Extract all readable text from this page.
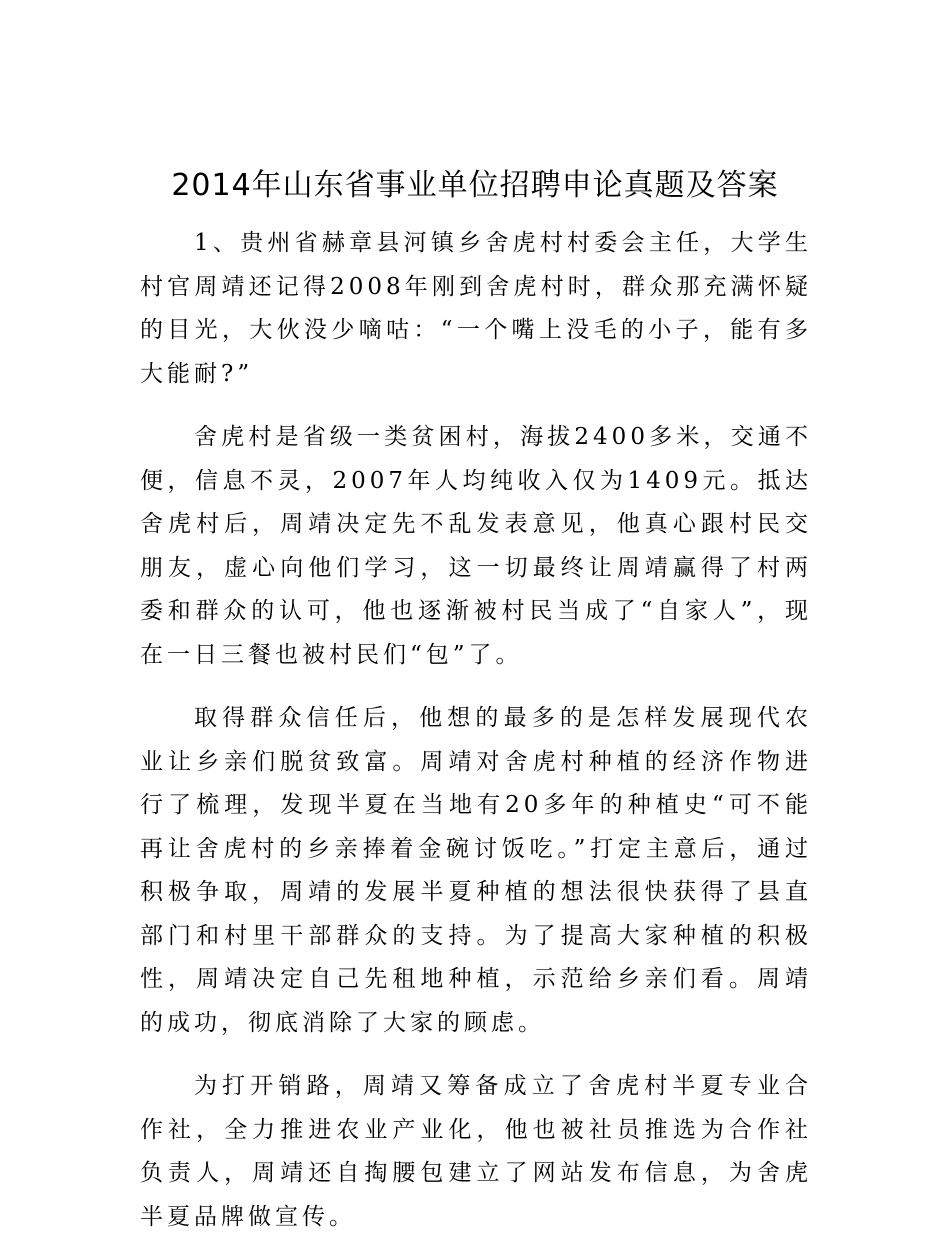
2014年山东省事业单位招聘申论真题及答案

1、贵州省赫章县河镇乡舍虎村村委会主任，大学生村官周靖还记得2008年刚到舍虎村时，群众那充满怀疑的目光，大伙没少嘀咕：“一个嘴上没毛的小子，能有多大能耐?”

舍虎村是省级一类贫困村，海拔2400多米，交通不便，信息不灵，2007年人均纯收入仅为1409元。抵达舍虎村后，周靖决定先不乱发表意见，他真心跟村民交朋友，虚心向他们学习，这一切最终让周靖赢得了村两委和群众的认可，他也逐渐被村民当成了“自家人”，现在一日三餐也被村民们“包”了。

取得群众信任后，他想的最多的是怎样发展现代农业让乡亲们脱贫致富。周靖对舍虎村种植的经济作物进行了梳理，发现半夏在当地有20多年的种植史“可不能再让舍虎村的乡亲捧着金碗讨饭吃。”打定主意后，通过积极争取，周靖的发展半夏种植的想法很快获得了县直部门和村里干部群众的支持。为了提高大家种植的积极性，周靖决定自己先租地种植，示范给乡亲们看。周靖的成功，彻底消除了大家的顾虑。

为打开销路，周靖又筹备成立了舍虎村半夏专业合作社，全力推进农业产业化，他也被社员推选为合作社负责人，周靖还自掏腰包建立了网站发布信息，为舍虎半夏品牌做宣传。
